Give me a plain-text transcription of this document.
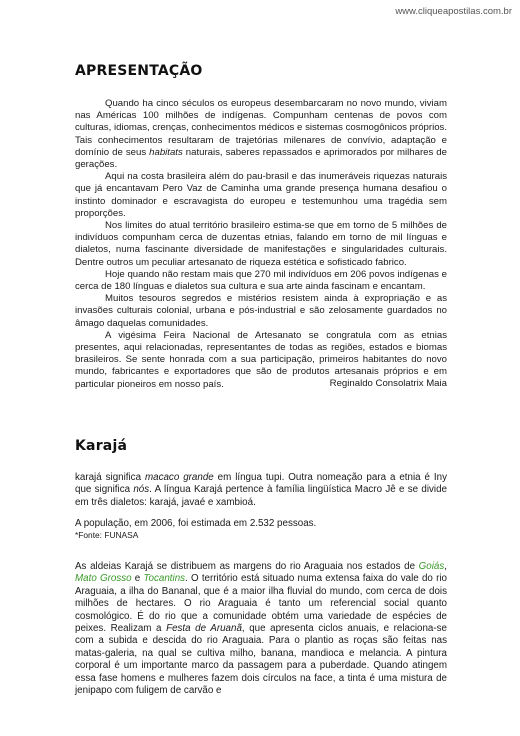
www.cliqueapostilas.com.br
APRESENTAÇÃO

Quando ha cinco séculos os europeus desembarcaram no novo mundo, viviam nas Américas 100 milhões de indígenas. Compunham centenas de povos com culturas, idiomas, crenças, conhecimentos médicos e sistemas cosmogônicos próprios. Tais conhecimentos resultaram de trajetórias milenares de convívio, adaptação e domínio de seus habitats naturais, saberes repassados e aprimorados por milhares de gerações.

Aqui na costa brasileira além do pau-brasil e das inumeráveis riquezas naturais que já encantavam Pero Vaz de Caminha uma grande presença humana desafiou o instinto dominador e escravagista do europeu e testemunhou uma tragédia sem proporções.

Nos limites do atual território brasileiro estima-se que em torno de 5 milhões de indivíduos compunham cerca de duzentas etnias, falando em torno de mil línguas e dialetos, numa fascinante diversidade de manifestações e singularidades culturais. Dentre outros um peculiar artesanato de riqueza estética e sofisticado fabrico.

Hoje quando não restam mais que 270 mil indivíduos em 206 povos indígenas e cerca de 180 línguas e dialetos sua cultura e sua arte ainda fascinam e encantam.

Muitos tesouros segredos e mistérios resistem ainda à expropriação e as invasões culturais colonial, urbana e pós-industrial e são zelosamente guardados no âmago daquelas comunidades.

A vigésima Feira Nacional de Artesanato se congratula com as etnias presentes, aqui relacionadas, representantes de todas as regiões, estados e biomas brasileiros. Se sente honrada com a sua participação, primeiros habitantes do novo mundo, fabricantes e exportadores que são de produtos artesanais próprios e em particular pioneiros em nosso país.	Reginaldo Consolatrix Maia
Karajá

karajá significa macaco grande em língua tupi. Outra nomeação para a etnia é Iny que significa nós. A língua Karajá pertence à família lingüística Macro Jê e se divide em três dialetos: karajá, javaé e xambioá.

A população, em 2006, foi estimada em 2.532 pessoas.

*Fonte: FUNASA

As aldeias Karajá se distribuem as margens do rio Araguaia nos estados de Goiás, Mato Grosso e Tocantins. O território está situado numa extensa faixa do vale do rio Araguaia, a ilha do Bananal, que é a maior ilha fluvial do mundo, com cerca de dois milhões de hectares. O rio Araguaia é tanto um referencial social quanto cosmológico. É do rio que a comunidade obtém uma variedade de espécies de peixes. Realizam a Festa de Aruanã, que apresenta ciclos anuais, e relaciona-se com a subida e descida do rio Araguaia. Para o plantio as roças são feitas nas matas-galeria, na qual se cultiva milho, banana, mandioca e melancia. A pintura corporal é um importante marco da passagem para a puberdade. Quando atingem essa fase homens e mulheres fazem dois círculos na face, a tinta é uma mistura de jenipapo com fuligem de carvão e
